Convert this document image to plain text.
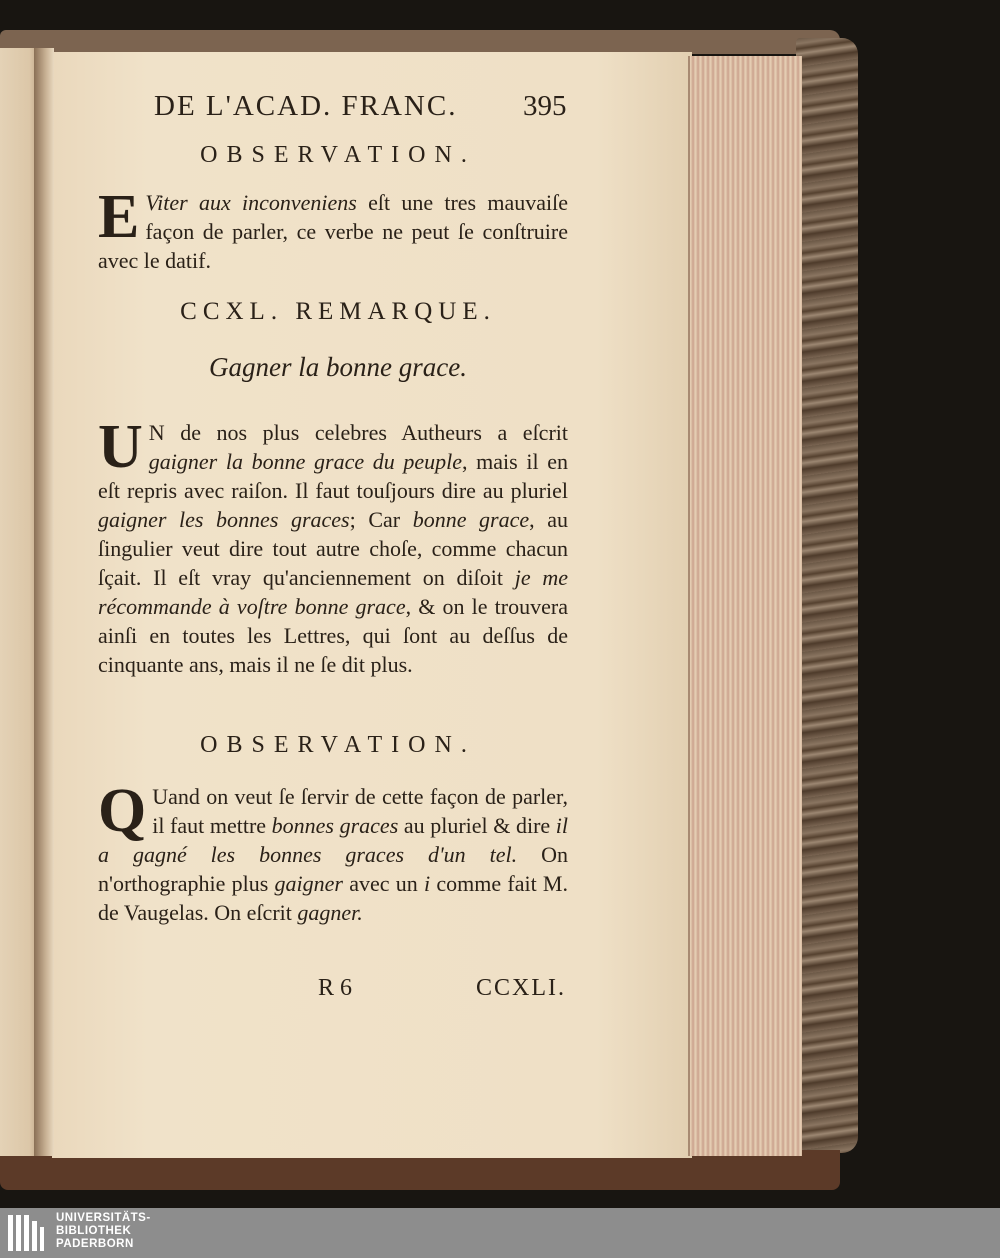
DE L'ACAD. FRANC.	395
OBSERVATION.

E Viter aux inconveniens eſt une tres mauvaiſe façon de parler, ce verbe ne peut ſe conſtruire avec le datif.

CCXL. REMARQUE.
Gagner la bonne grace.

U N de nos plus celebres Autheurs a eſcrit gaigner la bonne grace du peuple, mais il en eſt repris avec raiſon. Il faut touſjours dire au pluriel gaigner les bonnes graces; Car bonne grace, au ſingulier veut dire tout autre choſe, comme chacun ſçait. Il eſt vray qu'anciennement on diſoit je me récommande à voſtre bonne grace, & on le trouvera ainſi en toutes les Lettres, qui ſont au deſſus de cinquante ans, mais il ne ſe dit plus.

OBSERVATION.

Q Uand on veut ſe ſervir de cette façon de parler, il faut mettre bonnes graces au pluriel & dire il a gagné les bonnes graces d'un tel. On n'orthographie plus gaigner avec un i comme fait M. de Vaugelas. On eſcrit gagner.

R 6	CCXLI.
UNIVERSITÄTS-
BIBLIOTHEK
PADERBORN
